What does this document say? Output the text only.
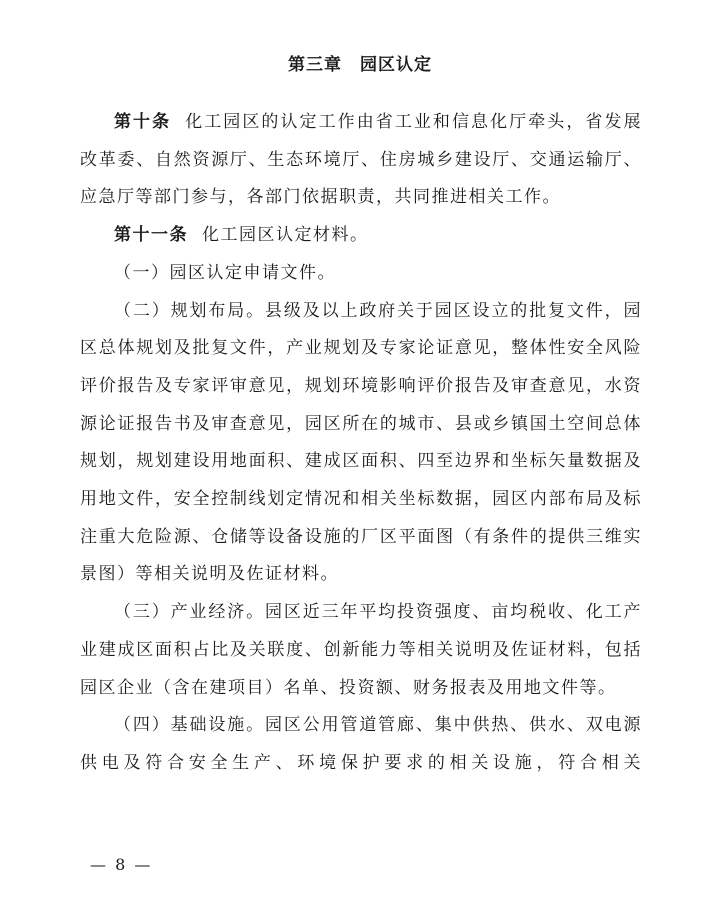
第三章　园区认定

第十条 化工园区的认定工作由省工业和信息化厅牵头，省发展改革委、自然资源厅、生态环境厅、住房城乡建设厅、交通运输厅、应急厅等部门参与，各部门依据职责，共同推进相关工作。

第十一条 化工园区认定材料。

（一）园区认定申请文件。

（二）规划布局。县级及以上政府关于园区设立的批复文件，园区总体规划及批复文件，产业规划及专家论证意见，整体性安全风险评价报告及专家评审意见，规划环境影响评价报告及审查意见，水资源论证报告书及审查意见，园区所在的城市、县或乡镇国土空间总体规划，规划建设用地面积、建成区面积、四至边界和坐标矢量数据及用地文件，安全控制线划定情况和相关坐标数据，园区内部布局及标注重大危险源、仓储等设备设施的厂区平面图（有条件的提供三维实景图）等相关说明及佐证材料。

（三）产业经济。园区近三年平均投资强度、亩均税收、化工产业建成区面积占比及关联度、创新能力等相关说明及佐证材料，包括园区企业（含在建项目）名单、投资额、财务报表及用地文件等。

（四）基础设施。园区公用管道管廊、集中供热、供水、双电源供电及符合安全生产、环境保护要求的相关设施，符合相关

— 8 —
